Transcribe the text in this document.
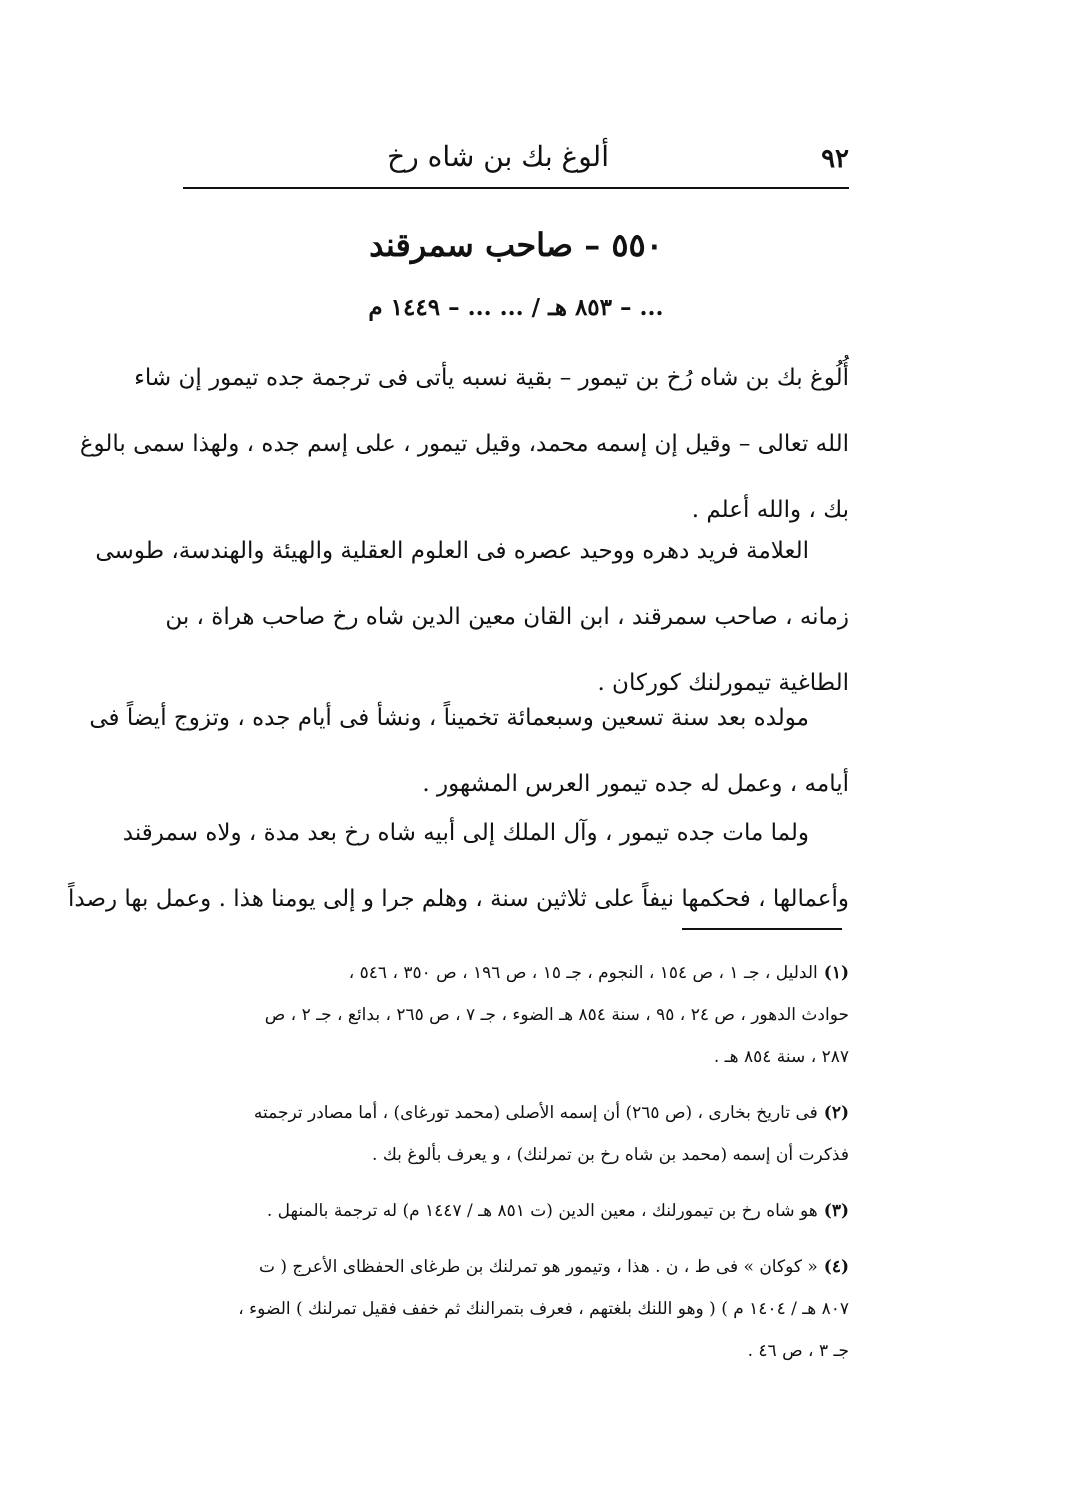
٩٢
ألوغ بك بن شاه رخ
٥٥٠ – صاحب سمرقند
... – ٨٥٣ هـ / ... ... – ١٤٤٩ م

أُلُوغ بك بن شاه رُخ بن تيمور – بقية نسبه يأتى فى ترجمة جده تيمور إن شاء

الله تعالى – وقيل إن إسمه محمد، وقيل تيمور ، على إسم جده ، ولهذا سمى بالوغ

بك ، والله أعلم .

العلامة فريد دهره ووحيد عصره فى العلوم العقلية والهيئة والهندسة، طوسى

زمانه ، صاحب سمرقند ، ابن القان معين الدين شاه رخ صاحب هراة ، بن

الطاغية تيمورلنك كوركان .

مولده بعد سنة تسعين وسبعمائة تخميناً ، ونشأ فى أيام جده ، وتزوج أيضاً فى

أيامه ، وعمل له جده تيمور العرس المشهور .

ولما مات جده تيمور ، وآل الملك إلى أبيه شاه رخ بعد مدة ، ولاه سمرقند

وأعمالها ، فحكمها نيفاً على ثلاثين سنة ، وهلم جرا و إلى يومنا هذا . وعمل بها رصداً

(١)الدليل ، جـ ١ ، ص ١٥٤ ، النجوم ، جـ ١٥ ، ص ١٩٦ ، ص ٣٥٠ ، ٥٤٦ ،

حوادث الدهور ، ص ٢٤ ، ٩٥ ، سنة ٨٥٤ هـ الضوء ، جـ ٧ ، ص ٢٦٥ ، بدائع ، جـ ٢ ، ص

٢٨٧ ، سنة ٨٥٤ هـ .

(٢)فى تاريخ بخارى ، (ص ٢٦٥) أن إسمه الأصلى (محمد تورغاى) ، أما مصادر ترجمته

فذكرت أن إسمه (محمد بن شاه رخ بن تمرلنك) ، و يعرف بألوغ بك .

(٣)هو شاه رخ بن تيمورلنك ، معين الدين (ت ٨٥١ هـ / ١٤٤٧ م) له ترجمة بالمنهل .

(٤)« كوكان » فى ط ، ن . هذا ، وتيمور هو تمرلنك بن طرغاى الحفظاى الأعرج ( ت

٨٠٧ هـ / ١٤٠٤ م ) ( وهو اللنك بلغتهم ، فعرف بتمرالنك ثم خفف فقيل تمرلنك ) الضوء ،

جـ ٣ ، ص ٤٦ .
